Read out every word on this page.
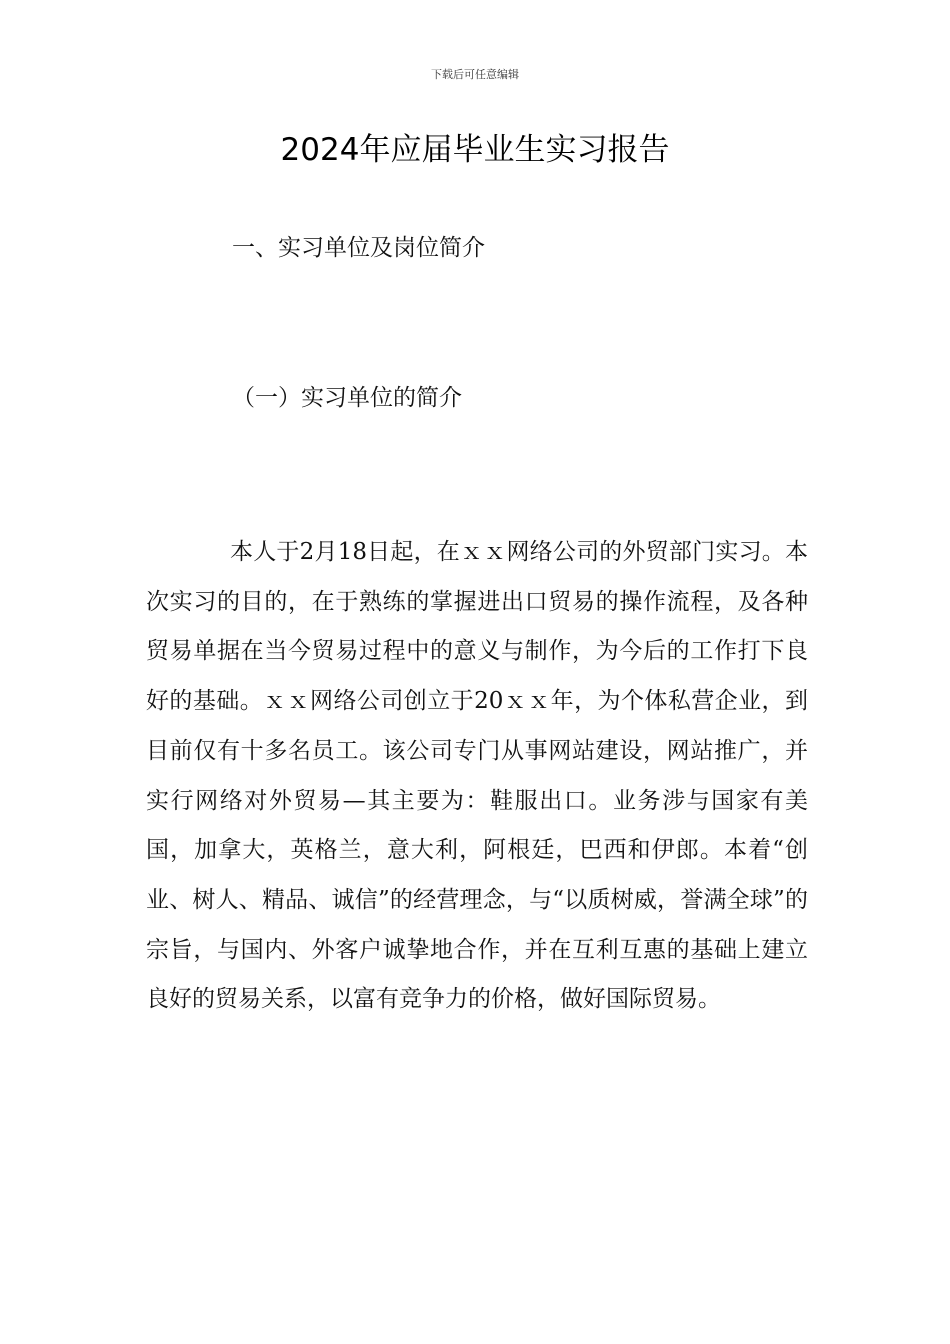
下载后可任意编辑
2024年应届毕业生实习报告
一、实习单位及岗位简介
（一）实习单位的简介

本人于2月18日起，在ｘｘ网络公司的外贸部门实习。本次实习的目的，在于熟练的掌握进出口贸易的操作流程，及各种贸易单据在当今贸易过程中的意义与制作，为今后的工作打下良好的基础。ｘｘ网络公司创立于20ｘｘ年，为个体私营企业，到目前仅有十多名员工。该公司专门从事网站建设，网站推广，并实行网络对外贸易—其主要为：鞋服出口。业务涉与国家有美国，加拿大，英格兰，意大利，阿根廷，巴西和伊郎。本着“创业、树人、精品、诚信”的经营理念，与“以质树威，誉满全球”的宗旨，与国内、外客户诚挚地合作，并在互利互惠的基础上建立良好的贸易关系，以富有竞争力的价格，做好国际贸易。
